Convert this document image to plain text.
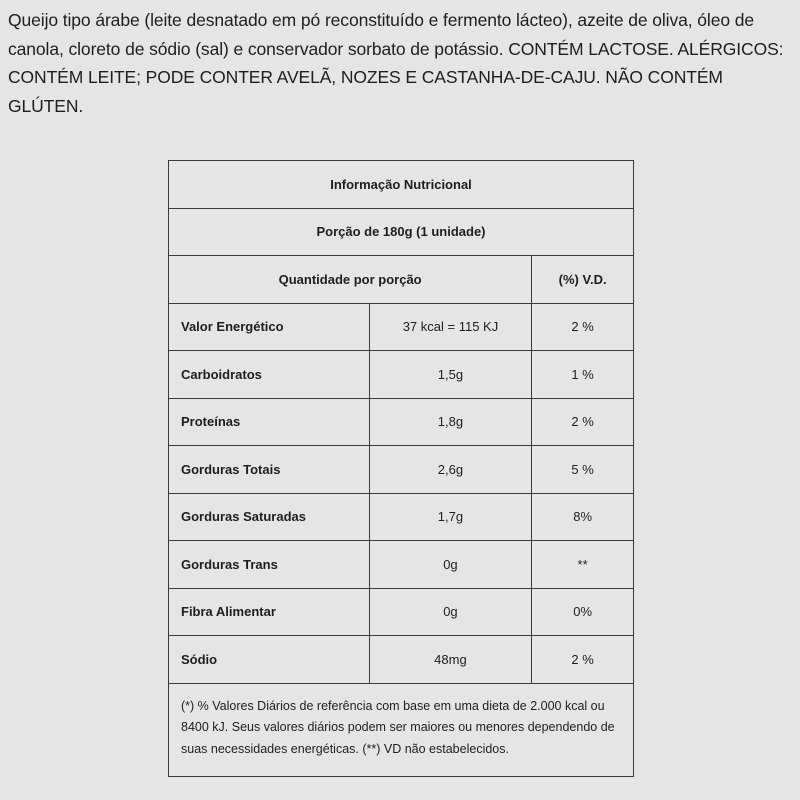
Queijo tipo árabe (leite desnatado em pó reconstituído e fermento lácteo), azeite de oliva, óleo de canola, cloreto de sódio (sal) e conservador sorbato de potássio. CONTÉM LACTOSE. ALÉRGICOS: CONTÉM LEITE; PODE CONTER AVELÃ, NOZES E CASTANHA-DE-CAJU. NÃO CONTÉM GLÚTEN.

Informação Nutricional		
Porção de 180g (1 unidade)		
Quantidade por porção		(%) V.D.
Valor Energético	37 kcal = 115 KJ	2 %
Carboidratos	1,5g	1 %
Proteínas	1,8g	2 %
Gorduras Totais	2,6g	5 %
Gorduras Saturadas	1,7g	8%
Gorduras Trans	0g	**
Fibra Alimentar	0g	0%
Sódio	48mg	2 %
(*) % Valores Diários de referência com base em uma dieta de 2.000 kcal ou 8400 kJ. Seus valores diários podem ser maiores ou menores dependendo de suas necessidades energéticas. (**) VD não estabelecidos.		
